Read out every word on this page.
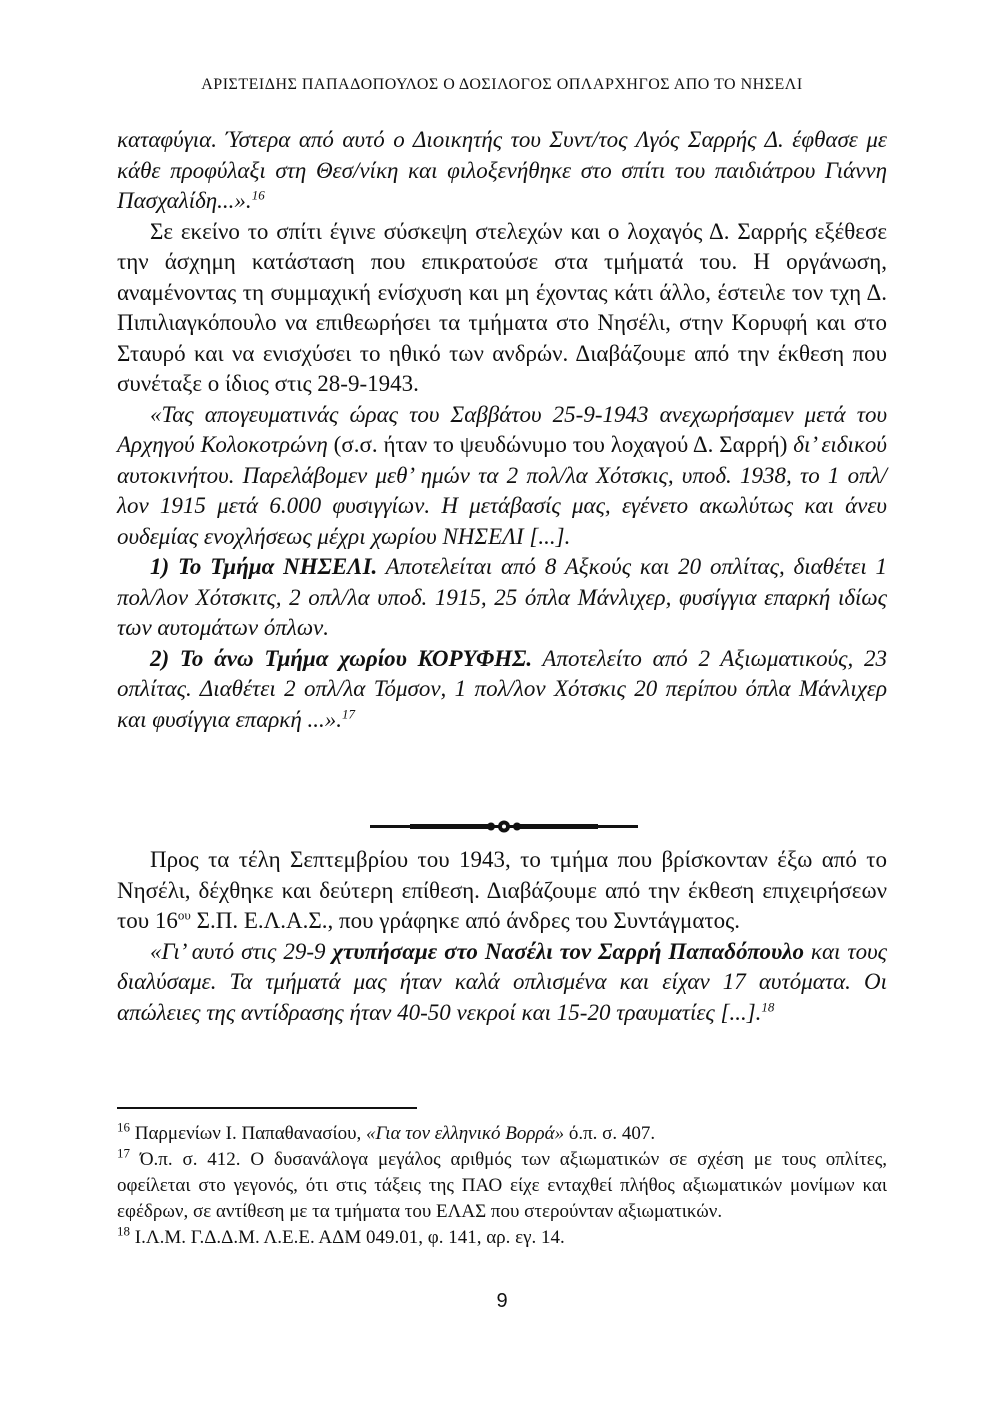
ΑΡΙΣΤΕΙΔΗΣ ΠΑΠΑΔΟΠΟΥΛΟΣ Ο ΔΟΣΙΛΟΓΟΣ ΟΠΛΑΡΧΗΓΟΣ ΑΠΟ ΤΟ ΝΗΣΕΛΙ

καταφύγια. Ύστερα από αυτό ο Διοικητής του Συντ/τος Λγός Σαρρής Δ. έφθασε με κάθε προφύλαξι στη Θεσ/νίκη και φιλοξενήθηκε στο σπίτι του παιδιάτρου Γιάννη Πασχαλίδη...».$^{16}$

Σε εκείνο το σπίτι έγινε σύσκεψη στελεχών και ο λοχαγός Δ. Σαρρής εξέθεσε την άσχημη κατάσταση που επικρατούσε στα τμήματά του. Η οργάνωση, αναμένοντας τη συμμαχική ενίσχυση και μη έχοντας κάτι άλλο, έστειλε τον τχη Δ. Πιπιλιαγκόπουλο να επιθεωρήσει τα τμήματα στο Νησέλι, στην Κορυφή και στο Σταυρό και να ενισχύσει το ηθικό των ανδρών. Διαβάζουμε από την έκθεση που συνέταξε ο ίδιος στις 28-9-1943.

«Τας απογευματινάς ώρας του Σαββάτου 25-9-1943 ανεχωρήσαμεν μετά του Αρχηγού Κολοκοτρώνη (σ.σ. ήταν το ψευδώνυμο του λοχαγού Δ. Σαρρή) δι’ ειδικού αυτοκινήτου. Παρελάβομεν μεθ’ ημών τα 2 πολ/λα Χότσκις, υποδ. 1938, το 1 οπλ/λον 1915 μετά 6.000 φυσιγγίων. Η μετάβασίς μας, εγένετο ακωλύτως και άνευ ουδεμίας ενοχλήσεως μέχρι χωρίου ΝΗΣΕΛΙ [...].

1) Το Τμήμα ΝΗΣΕΛΙ. Αποτελείται από 8 Αξκούς και 20 οπλίτας, διαθέτει 1 πολ/λον Χότσκιτς, 2 οπλ/λα υποδ. 1915, 25 όπλα Μάνλιχερ, φυσίγγια επαρκή ιδίως των αυτομάτων όπλων.

2) Το άνω Τμήμα χωρίου ΚΟΡΥΦΗΣ. Αποτελείτο από 2 Αξιωματικούς, 23 οπλίτας. Διαθέτει 2 οπλ/λα Τόμσον, 1 πολ/λον Χότσκις 20 περίπου όπλα Μάνλιχερ και φυσίγγια επαρκή ...».$^{17}$

Προς τα τέλη Σεπτεμβρίου του 1943, το τμήμα που βρίσκονταν έξω από το Νησέλι, δέχθηκε και δεύτερη επίθεση. Διαβάζουμε από την έκθεση επιχειρήσεων του $16^{o\upsilon}$ Σ.Π. Ε.Λ.Α.Σ., που γράφηκε από άνδρες του Συντάγματος.

«Γι’ αυτό στις 29-9 χτυπήσαμε στο Νασέλι τον Σαρρή Παπαδόπουλο και τους διαλύσαμε. Τα τμήματά μας ήταν καλά οπλισμένα και είχαν 17 αυτόματα. Οι απώλειες της αντίδρασης ήταν 40-50 νεκροί και 15-20 τραυματίες [...].$^{18}$

$^{16}$ Παρμενίων Ι. Παπαθανασίου, «Για τον ελληνικό Βορρά» ό.π. σ. 407.

$^{17}$ Ό.π. σ. 412. Ο δυσανάλογα μεγάλος αριθμός των αξιωματικών σε σχέση με τους οπλίτες, οφείλεται στο γεγονός, ότι στις τάξεις της ΠΑΟ είχε ενταχθεί πλήθος αξιωματικών μονίμων και εφέδρων, σε αντίθεση με τα τμήματα του ΕΛΑΣ που στερούνταν αξιωματικών.

$^{18}$ Ι.Λ.Μ. Γ.Δ.Δ.Μ. Λ.Ε.Ε. ΑΔΜ 049.01, φ. 141, αρ. εγ. 14.

9
